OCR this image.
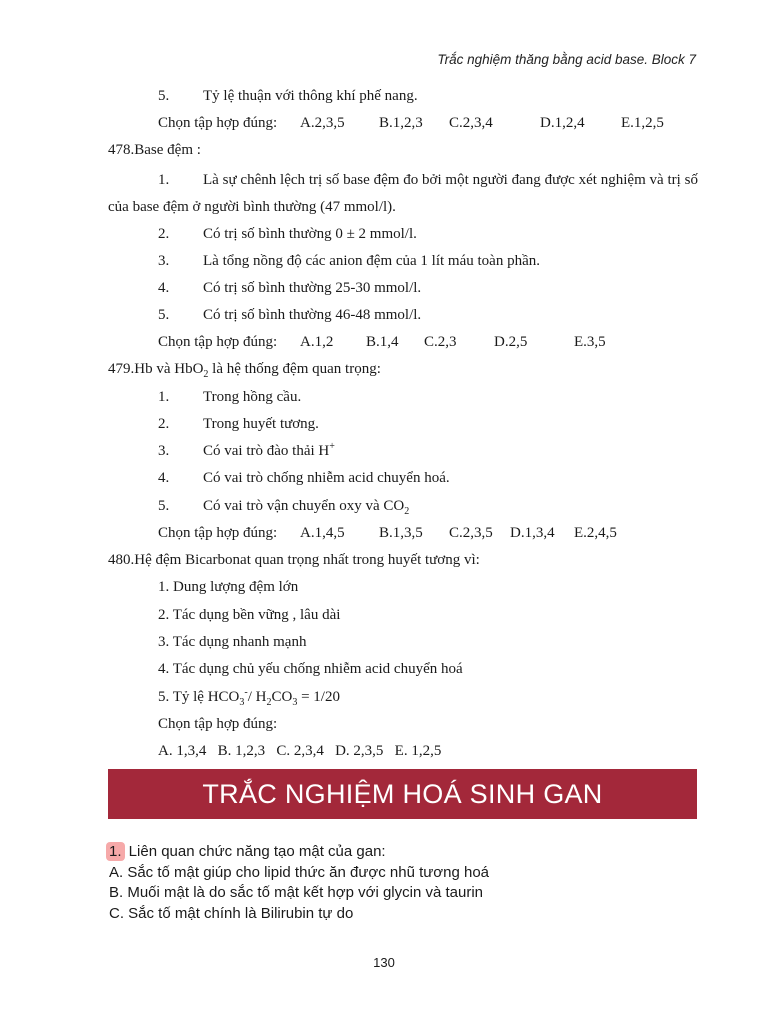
Trắc nghiệm thăng bằng acid base. Block 7
5. Tỷ lệ thuận với thông khí phế nang.
Chọn tập hợp đúng: A.2,3,5 B.1,2,3 C.2,3,4	D.1,2,4 E.1,2,5
478.Base đệm :
1. Là sự chênh lệch trị số base đệm đo bởi một người đang được xét nghiệm và trị số của base đệm ở người bình thường (47 mmol/l).
2. Có trị số bình thường 0 ± 2 mmol/l.
3. Là tổng nồng độ các anion đệm của 1 lít máu toàn phần.
4. Có trị số bình thường 25-30 mmol/l.
5. Có trị số bình thường 46-48 mmol/l.
Chọn tập hợp đúng: A.1,2 B.1,4 C.2,3 D.2,5	E.3,5
479.Hb và HbO$_2$ là hệ thống đệm quan trọng:
1. Trong hồng cầu.
2. Trong huyết tương.
3. Có vai trò đào thải H+
4. Có vai trò chống nhiễm acid chuyển hoá.
5. Có vai trò vận chuyển oxy và $CO_2$
Chọn tập hợp đúng: A.1,4,5 B.1,3,5 C.2,3,5 D.1,3,4 E.2,4,5
480.Hệ đệm Bicarbonat quan trọng nhất trong huyết tương vì:
1. Dung lượng đệm lớn
2. Tác dụng bền vững , lâu dài
3. Tác dụng nhanh mạnh
4. Tác dụng chủ yếu chống nhiễm acid chuyển hoá
5. Tỷ lệ $HCO_3^-/$ $H_2CO_3 = 1/20$
Chọn tập hợp đúng:
A. 1,3,4   B. 1,2,3   C. 2,3,4   D. 2,3,5   E. 1,2,5
TRẮC NGHIỆM HOÁ SINH GAN
1. Liên quan chức năng tạo mật của gan:
A. Sắc tố mật giúp cho lipid thức ăn được nhũ tương hoá
B. Muối mật là do sắc tố mật kết hợp với glycin và taurin
C. Sắc tố mật chính là Bilirubin tự do
130
